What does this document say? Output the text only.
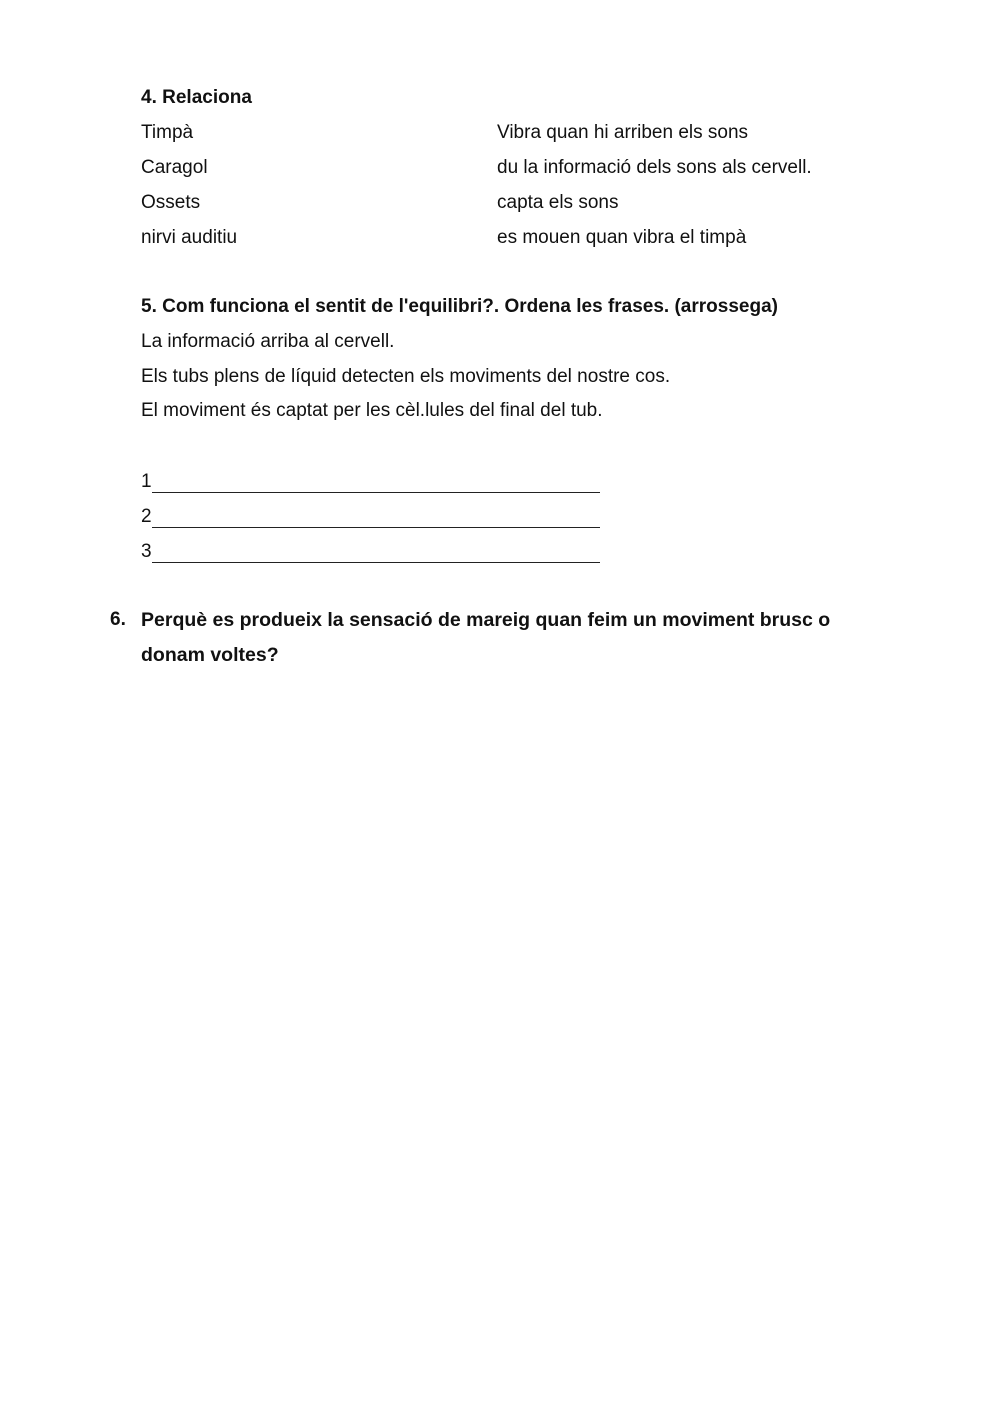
4. Relaciona
Timpà
Caragol
Ossets
nirvi auditiu
Vibra quan hi arriben els sons
du la informació dels sons als cervell.
capta els sons
es mouen quan vibra el timpà
5. Com funciona el sentit de l'equilibri?. Ordena les frases. (arrossega)
La informació arriba al cervell.
Els tubs plens de líquid detecten els moviments del nostre cos.
El moviment és captat per les cèl.lules del final del tub.
1
2
3
6. Perquè es produeix la sensació de mareig quan feim un moviment brusc o
donam voltes?
